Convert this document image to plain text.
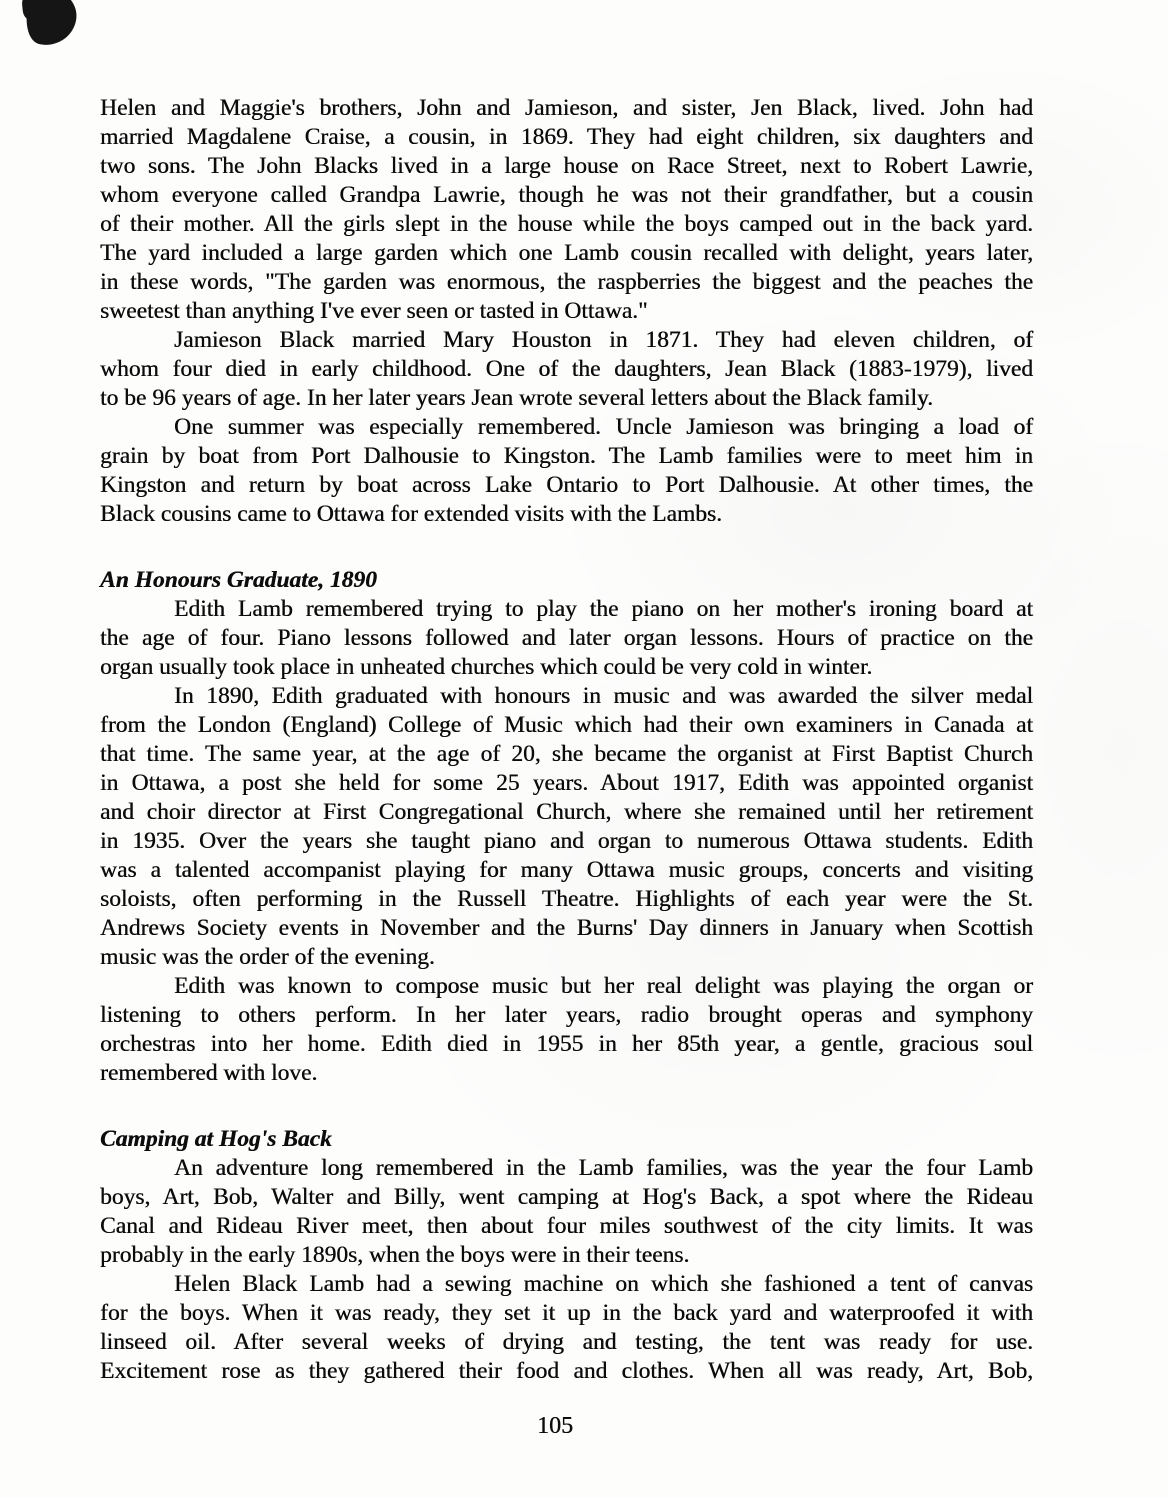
Helen and Maggie's brothers, John and Jamieson, and sister, Jen Black, lived. John had
married Magdalene Craise, a cousin, in 1869. They had eight children, six daughters and
two sons. The John Blacks lived in a large house on Race Street, next to Robert Lawrie,
whom everyone called Grandpa Lawrie, though he was not their grandfather, but a cousin
of their mother. All the girls slept in the house while the boys camped out in the back yard.
The yard included a large garden which one Lamb cousin recalled with delight, years later,
in these words, "The garden was enormous, the raspberries the biggest and the peaches the
sweetest than anything I've ever seen or tasted in Ottawa."
Jamieson Black married Mary Houston in 1871. They had eleven children, of
whom four died in early childhood. One of the daughters, Jean Black (1883-1979), lived
to be 96 years of age. In her later years Jean wrote several letters about the Black family.
One summer was especially remembered. Uncle Jamieson was bringing a load of
grain by boat from Port Dalhousie to Kingston. The Lamb families were to meet him in
Kingston and return by boat across Lake Ontario to Port Dalhousie. At other times, the
Black cousins came to Ottawa for extended visits with the Lambs.
An Honours Graduate, 1890
Edith Lamb remembered trying to play the piano on her mother's ironing board at
the age of four. Piano lessons followed and later organ lessons. Hours of practice on the
organ usually took place in unheated churches which could be very cold in winter.
In 1890, Edith graduated with honours in music and was awarded the silver medal
from the London (England) College of Music which had their own examiners in Canada at
that time. The same year, at the age of 20, she became the organist at First Baptist Church
in Ottawa, a post she held for some 25 years. About 1917, Edith was appointed organist
and choir director at First Congregational Church, where she remained until her retirement
in 1935. Over the years she taught piano and organ to numerous Ottawa students. Edith
was a talented accompanist playing for many Ottawa music groups, concerts and visiting
soloists, often performing in the Russell Theatre. Highlights of each year were the St.
Andrews Society events in November and the Burns' Day dinners in January when Scottish
music was the order of the evening.
Edith was known to compose music but her real delight was playing the organ or
listening to others perform. In her later years, radio brought operas and symphony
orchestras into her home. Edith died in 1955 in her 85th year, a gentle, gracious soul
remembered with love.
Camping at Hog's Back
An adventure long remembered in the Lamb families, was the year the four Lamb
boys, Art, Bob, Walter and Billy, went camping at Hog's Back, a spot where the Rideau
Canal and Rideau River meet, then about four miles southwest of the city limits. It was
probably in the early 1890s, when the boys were in their teens.
Helen Black Lamb had a sewing machine on which she fashioned a tent of canvas
for the boys. When it was ready, they set it up in the back yard and waterproofed it with
linseed oil. After several weeks of drying and testing, the tent was ready for use.
Excitement rose as they gathered their food and clothes. When all was ready, Art, Bob,
105
